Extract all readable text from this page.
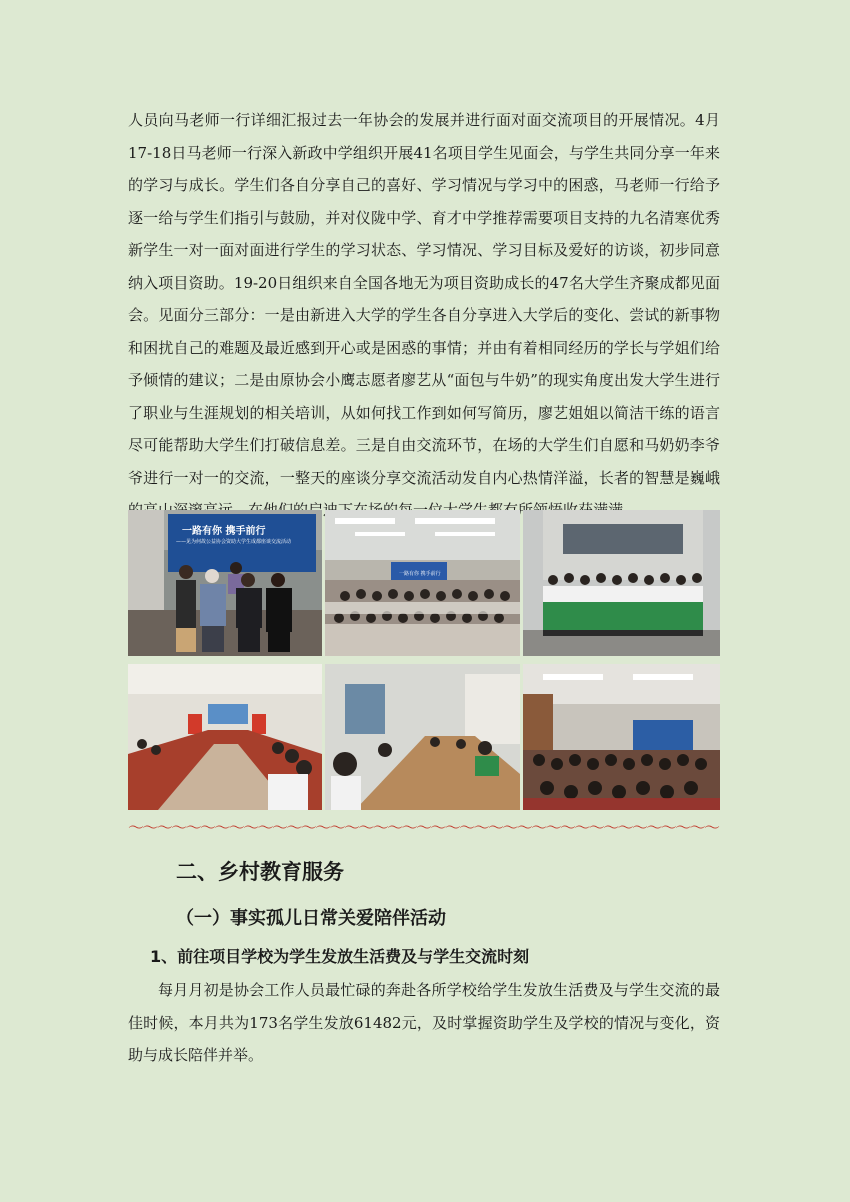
人员向马老师一行详细汇报过去一年协会的发展并进行面对面交流项目的开展情况。4月17-18日马老师一行深入新政中学组织开展41名项目学生见面会，与学生共同分享一年来的学习与成长。学生们各自分享自己的喜好、学习情况与学习中的困惑，马老师一行给予逐一给与学生们指引与鼓励，并对仪陇中学、育才中学推荐需要项目支持的九名清寒优秀新学生一对一面对面进行学生的学习状态、学习情况、学习目标及爱好的访谈，初步同意纳入项目资助。19-20日组织来自全国各地无为项目资助成长的47名大学生齐聚成都见面会。见面分三部分：一是由新进入大学的学生各自分享进入大学后的变化、尝试的新事物和困扰自己的难题及最近感到开心或是困惑的事情；并由有着相同经历的学长与学姐们给予倾情的建议；二是由原协会小鹰志愿者廖艺从“面包与牛奶”的现实角度出发大学生进行了职业与生涯规划的相关培训，从如何找工作到如何写简历，廖艺姐姐以简洁干练的语言尽可能帮助大学生们打破信息差。三是自由交流环节，在场的大学生们自愿和马奶奶李爷爷进行一对一的交流，一整天的座谈分享交流活动发自内心热情洋溢，长者的智慧是巍峨 启迪

一路有你 携手前行
——见为何故公益协会资助大学生成都座谈交流活动
一路有你 携手前行
〜〜〜〜〜〜〜〜〜〜〜〜〜〜〜〜〜〜〜〜〜〜〜〜〜〜〜〜〜〜〜〜〜〜〜〜〜〜〜〜〜
二、乡村教育服务
（一）事实孤儿日常关爱陪伴活动
1、前往项目学校为学生发放生活费及与学生交流时刻

每月月初是协会工作人员最忙碌的奔赴各所学校给学生发放生活费及与学生交流的最佳时候，本月共为173名学生发放61482元，及时掌握资助学生及学校的情况与变化，资助与成长陪伴并举。
